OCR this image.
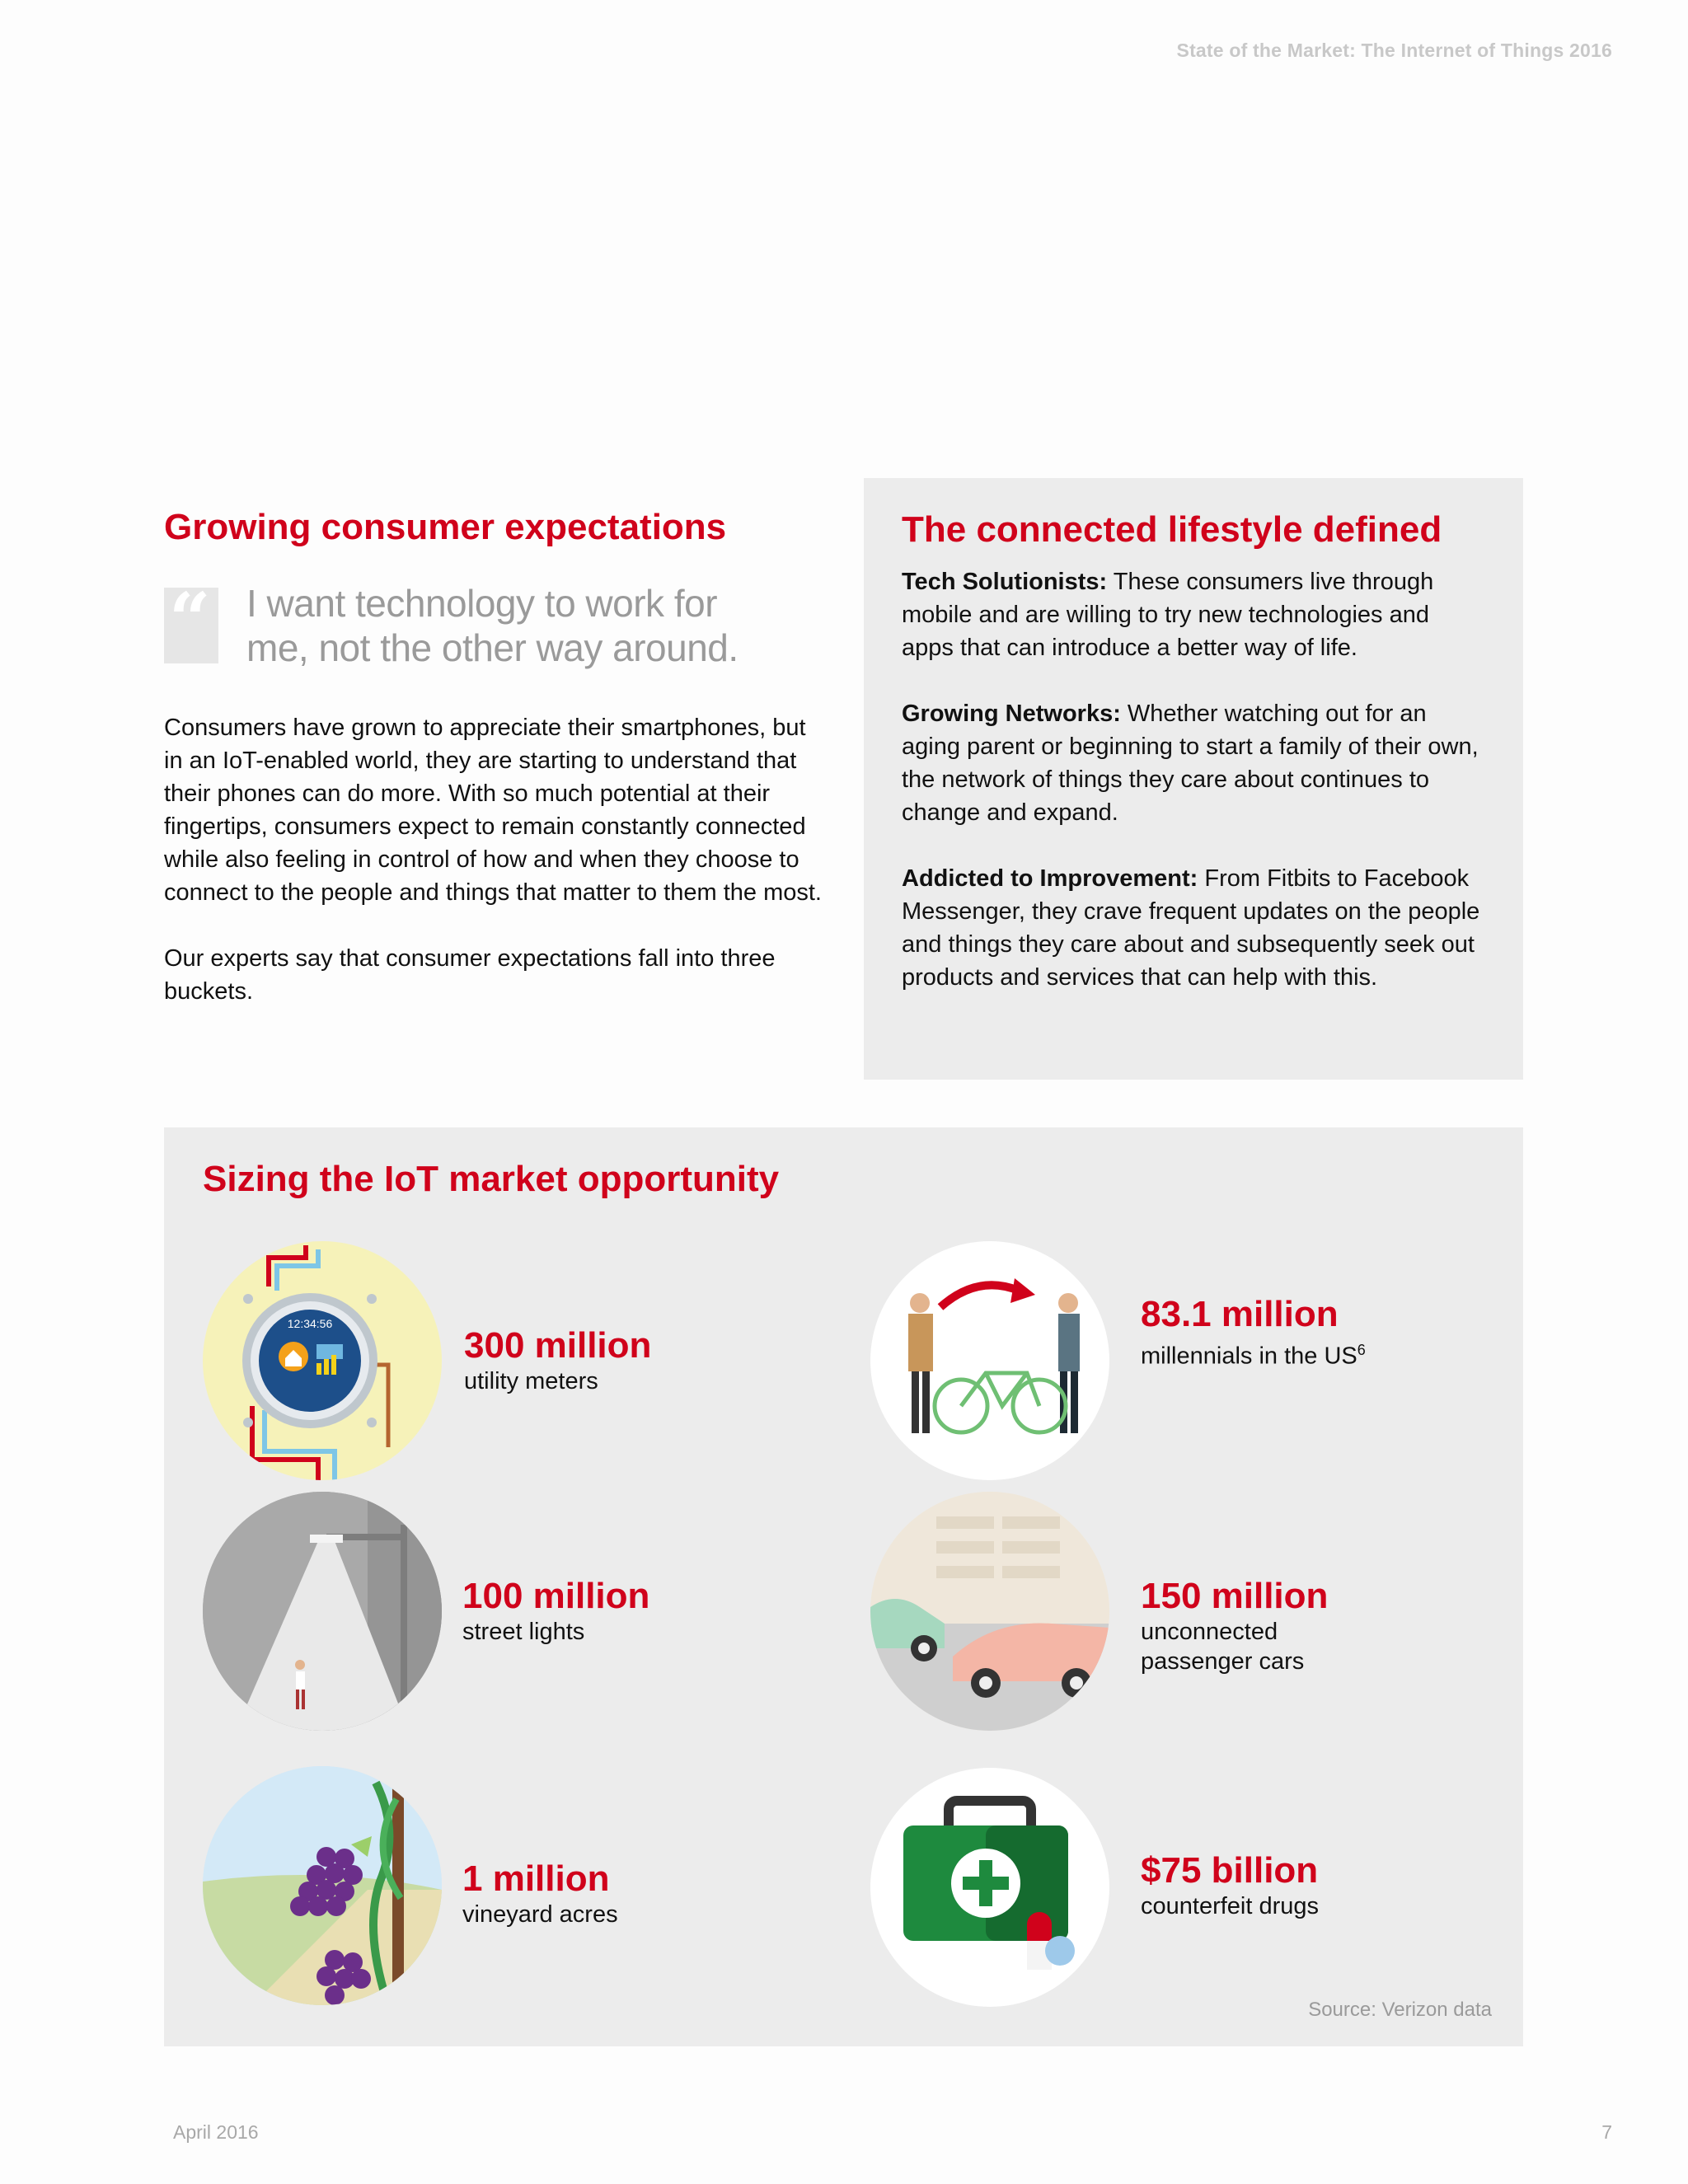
State of the Market: The Internet of Things 2016
Growing consumer expectations
“ I want technology to work for me, not the other way around.

Consumers have grown to appreciate their smartphones, but in an IoT-enabled world, they are starting to understand that their phones can do more. With so much potential at their fingertips, consumers expect to remain constantly connected while also feeling in control of how and when they choose to connect to the people and things that matter to them the most.

Our experts say that consumer expectations fall into three buckets.

The connected lifestyle defined
Tech Solutionists: These consumers live through mobile and are willing to try new technologies and apps that can introduce a better way of life.
Growing Networks: Whether watching out for an aging parent or beginning to start a family of their own, the network of things they care about continues to change and expand.
Addicted to Improvement: From Fitbits to Facebook Messenger, they crave frequent updates on the people and things they care about and subsequently seek out products and services that can help with this.
Sizing the IoT market opportunity
12:34:56
300 million
utility meters
83.1 million
millennials in the $US^6$
100 million
street lights
150 million
unconnected
passenger cars
1 million
vineyard acres
$75 billion
counterfeit drugs
Source: Verizon data
April 2016	7
